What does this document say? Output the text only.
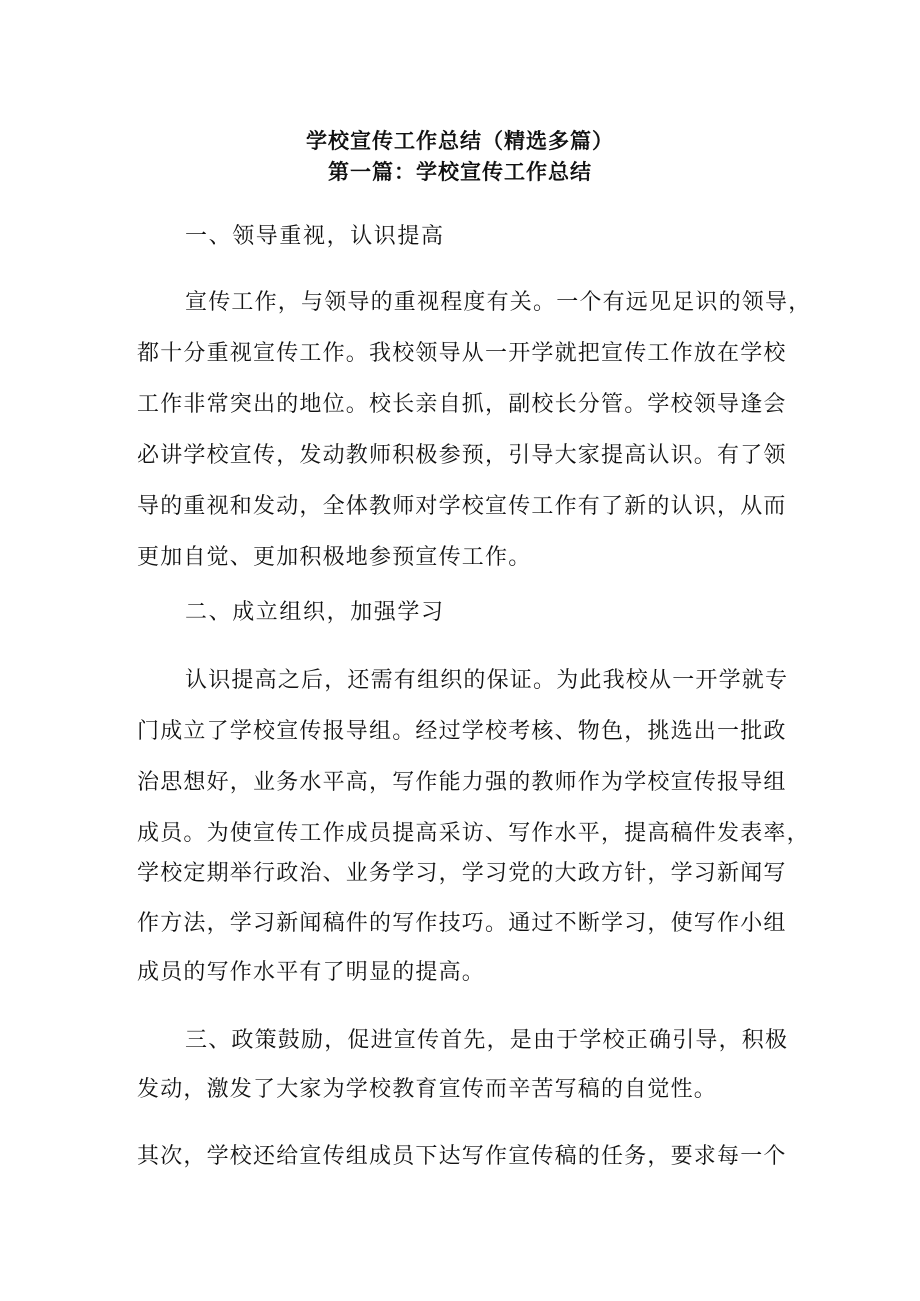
学校宣传工作总结（精选多篇）
第一篇：学校宣传工作总结
一、领导重视，认识提高
宣传工作，与领导的重视程度有关。一个有远见足识的领导，
都十分重视宣传工作。我校领导从一开学就把宣传工作放在学校
工作非常突出的地位。校长亲自抓，副校长分管。学校领导逢会
必讲学校宣传，发动教师积极参预，引导大家提高认识。有了领
导的重视和发动，全体教师对学校宣传工作有了新的认识，从而
更加自觉、更加积极地参预宣传工作。
二、成立组织，加强学习
认识提高之后，还需有组织的保证。为此我校从一开学就专
门成立了学校宣传报导组。经过学校考核、物色，挑选出一批政
治思想好，业务水平高，写作能力强的教师作为学校宣传报导组
成员。为使宣传工作成员提高采访、写作水平，提高稿件发表率，
学校定期举行政治、业务学习，学习党的大政方针，学习新闻写
作方法，学习新闻稿件的写作技巧。通过不断学习，使写作小组
成员的写作水平有了明显的提高。
三、政策鼓励，促进宣传首先，是由于学校正确引导，积极
发动，激发了大家为学校教育宣传而辛苦写稿的自觉性。
其次，学校还给宣传组成员下达写作宣传稿的任务，要求每一个
